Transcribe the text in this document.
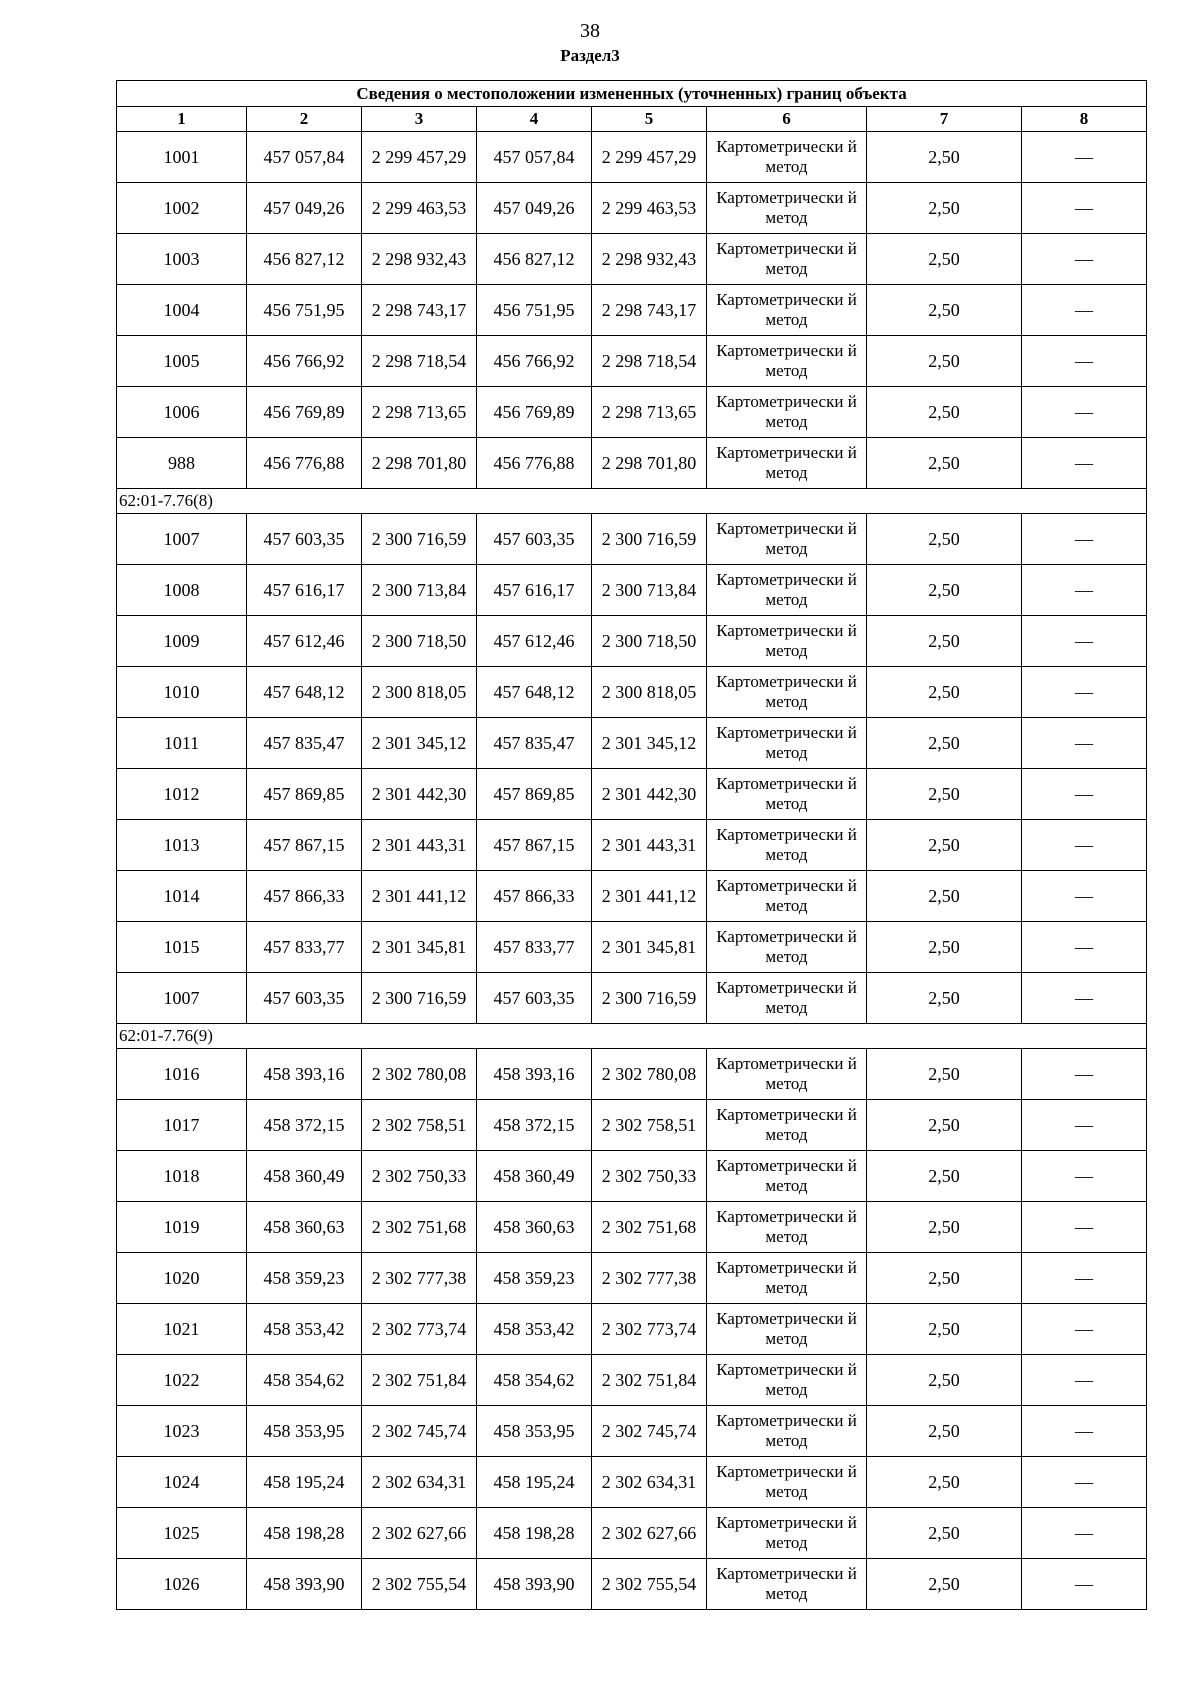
38
Раздел3
Сведения о местоположении измененных (уточненных) границ объекта							
1	2	3	4	5	6	7	8
1001	457 057,84	2 299 457,29	457 057,84	2 299 457,29	Картометрически й метод	2,50	—
1002	457 049,26	2 299 463,53	457 049,26	2 299 463,53	Картометрически й метод	2,50	—
1003	456 827,12	2 298 932,43	456 827,12	2 298 932,43	Картометрически й метод	2,50	—
1004	456 751,95	2 298 743,17	456 751,95	2 298 743,17	Картометрически й метод	2,50	—
1005	456 766,92	2 298 718,54	456 766,92	2 298 718,54	Картометрически й метод	2,50	—
1006	456 769,89	2 298 713,65	456 769,89	2 298 713,65	Картометрически й метод	2,50	—
988	456 776,88	2 298 701,80	456 776,88	2 298 701,80	Картометрически й метод	2,50	—
62:01-7.76(8)							
1007	457 603,35	2 300 716,59	457 603,35	2 300 716,59	Картометрически й метод	2,50	—
1008	457 616,17	2 300 713,84	457 616,17	2 300 713,84	Картометрически й метод	2,50	—
1009	457 612,46	2 300 718,50	457 612,46	2 300 718,50	Картометрически й метод	2,50	—
1010	457 648,12	2 300 818,05	457 648,12	2 300 818,05	Картометрически й метод	2,50	—
1011	457 835,47	2 301 345,12	457 835,47	2 301 345,12	Картометрически й метод	2,50	—
1012	457 869,85	2 301 442,30	457 869,85	2 301 442,30	Картометрически й метод	2,50	—
1013	457 867,15	2 301 443,31	457 867,15	2 301 443,31	Картометрически й метод	2,50	—
1014	457 866,33	2 301 441,12	457 866,33	2 301 441,12	Картометрически й метод	2,50	—
1015	457 833,77	2 301 345,81	457 833,77	2 301 345,81	Картометрически й метод	2,50	—
1007	457 603,35	2 300 716,59	457 603,35	2 300 716,59	Картометрически й метод	2,50	—
62:01-7.76(9)							
1016	458 393,16	2 302 780,08	458 393,16	2 302 780,08	Картометрически й метод	2,50	—
1017	458 372,15	2 302 758,51	458 372,15	2 302 758,51	Картометрически й метод	2,50	—
1018	458 360,49	2 302 750,33	458 360,49	2 302 750,33	Картометрически й метод	2,50	—
1019	458 360,63	2 302 751,68	458 360,63	2 302 751,68	Картометрически й метод	2,50	—
1020	458 359,23	2 302 777,38	458 359,23	2 302 777,38	Картометрически й метод	2,50	—
1021	458 353,42	2 302 773,74	458 353,42	2 302 773,74	Картометрически й метод	2,50	—
1022	458 354,62	2 302 751,84	458 354,62	2 302 751,84	Картометрически й метод	2,50	—
1023	458 353,95	2 302 745,74	458 353,95	2 302 745,74	Картометрически й метод	2,50	—
1024	458 195,24	2 302 634,31	458 195,24	2 302 634,31	Картометрически й метод	2,50	—
1025	458 198,28	2 302 627,66	458 198,28	2 302 627,66	Картометрически й метод	2,50	—
1026	458 393,90	2 302 755,54	458 393,90	2 302 755,54	Картометрически й метод	2,50	—
